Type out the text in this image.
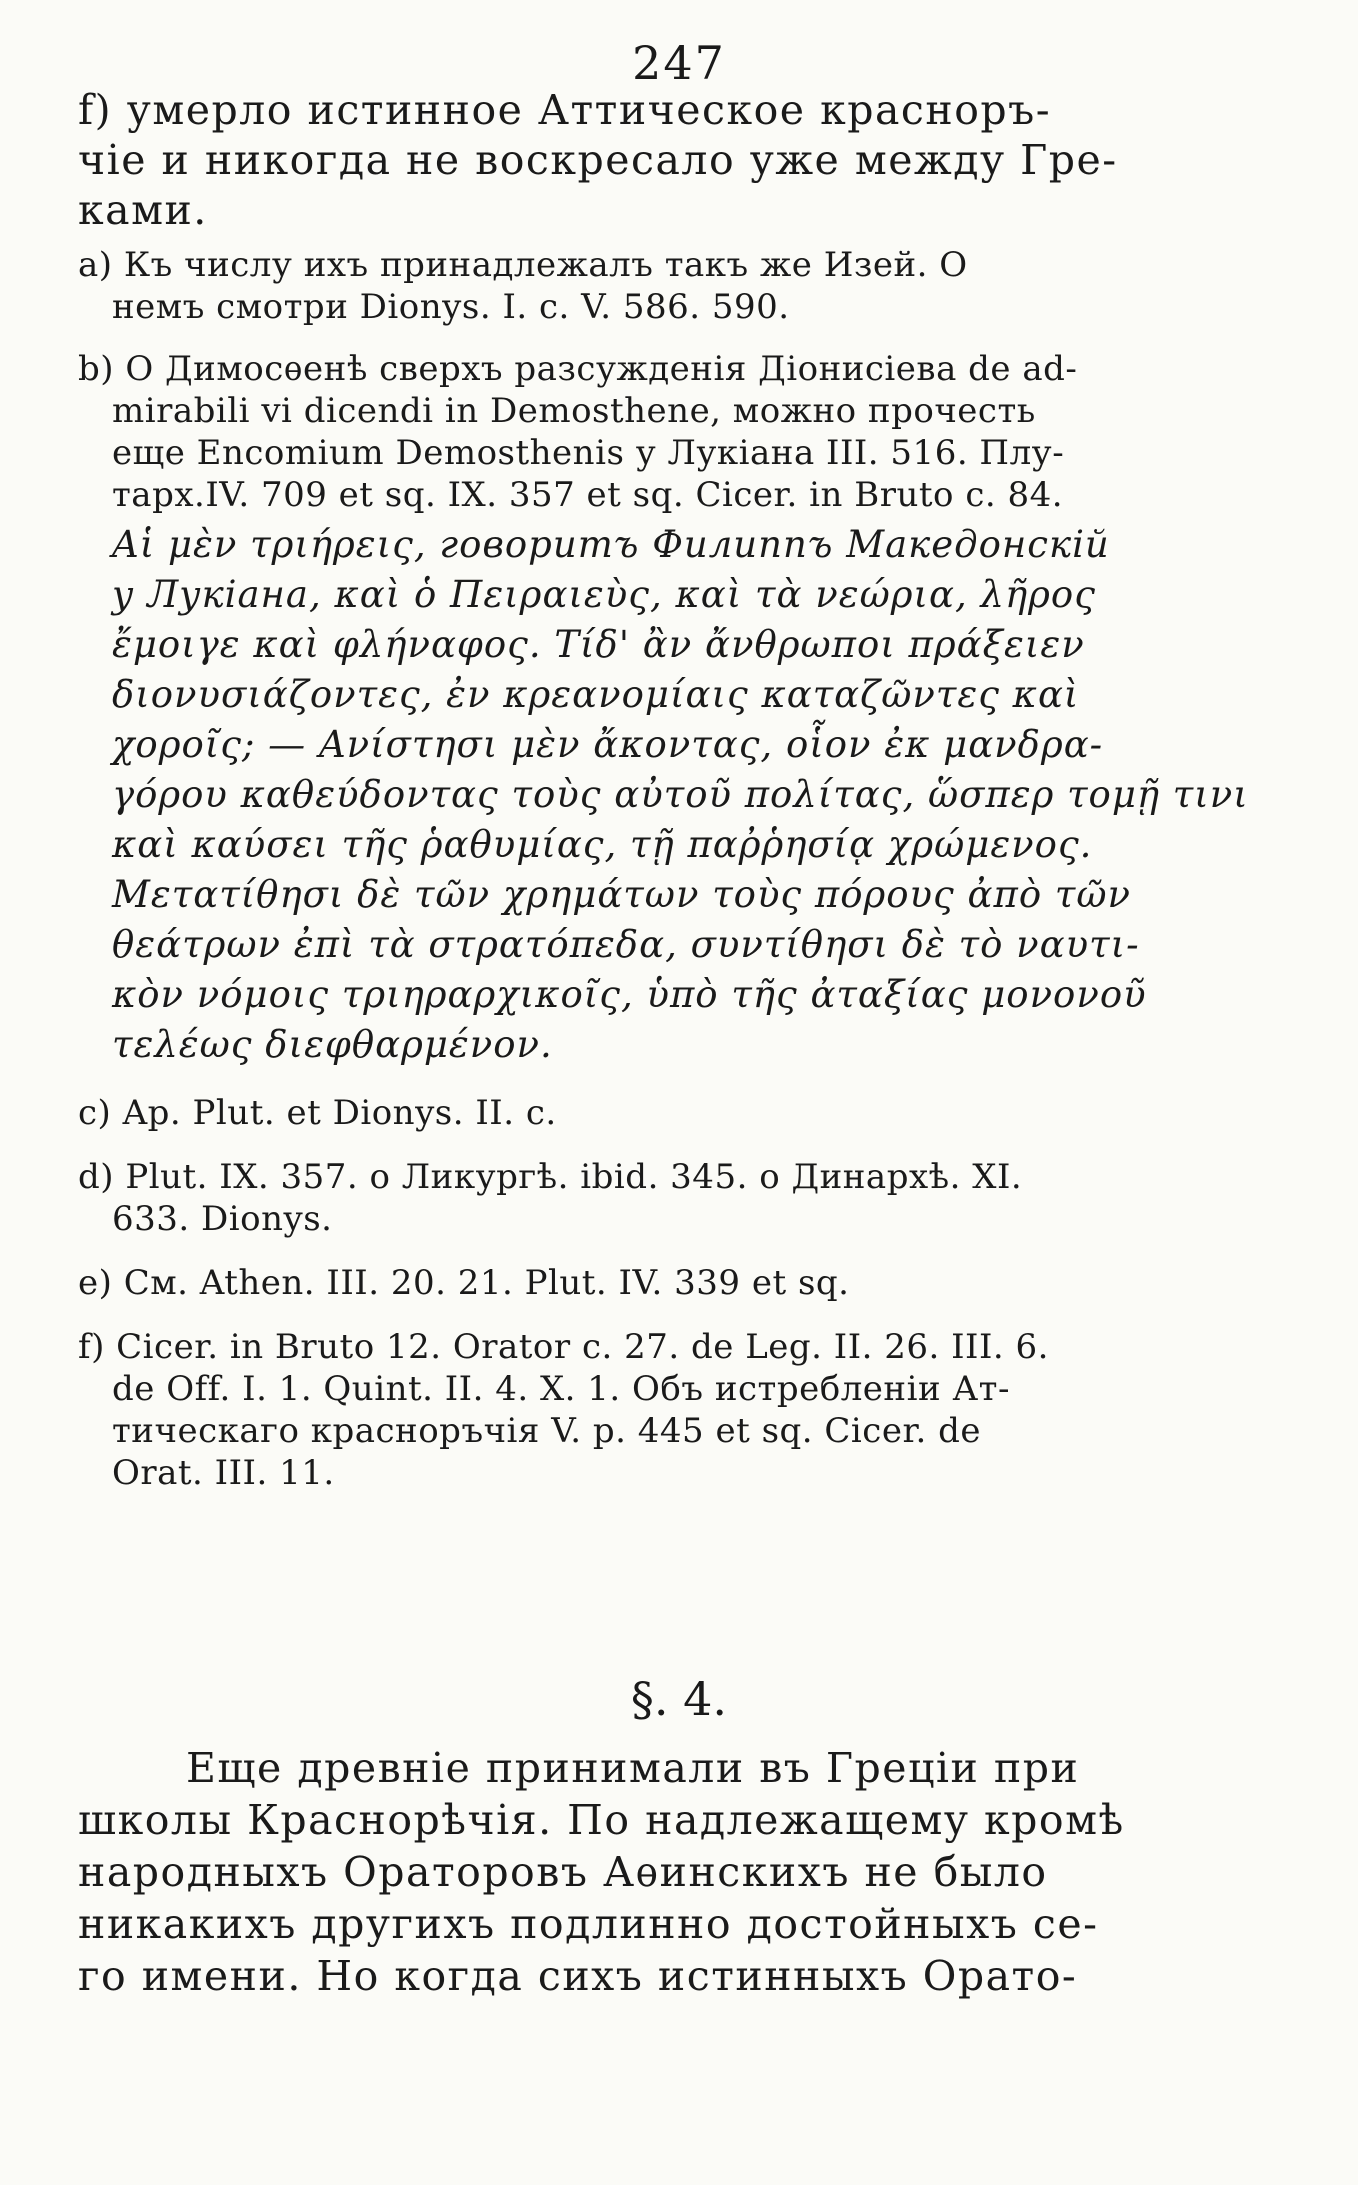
247
f) умерло истинное Аттическое красноръ-
чіе и никогда не воскресало уже между Гре-
ками.
a) Къ числу ихъ принадлежалъ такъ же Изей. О
немъ смотри Dionys. I. c. V. 586. 590.
b) О Димосѳенѣ сверхъ разсужденія Діонисіева de ad-
mirabili vi dicendi in Demosthene, можно прочесть
еще Encomium Demosthenis у Лукіана III. 516. Плу-
тарх.IV. 709 et sq. IX. 357 et sq. Cicer. in Bruto c. 84.
Αἱ μὲν τριήρεις, говоритъ Филиппъ Македонскій
у Лукіана, καὶ ὁ Πειραιεὺς, καὶ τὰ νεώρια, λῆρος
ἔμοιγε καὶ φλήναφος. Τίδ' ἂν ἄνθρωποι πράξειεν
διονυσιάζοντες, ἐν κρεανομίαις καταζῶντες καὶ
χοροῖς; — Ανίστησι μὲν ἄκοντας, οἷον ἐκ μανδρα-
γόρου καθεύδοντας τοὺς αὐτοῦ πολίτας, ὥσπερ τομῇ τινι
καὶ καύσει τῆς ῥαθυμίας, τῇ παῤῥησίᾳ χρώμενος.
Μετατίθησι δὲ τῶν χρημάτων τοὺς πόρους ἀπὸ τῶν
θεάτρων ἐπὶ τὰ στρατόπεδα, συντίθησι δὲ τὸ ναυτι-
κὸν νόμοις τριηραρχικοῖς, ὑπὸ τῆς ἀταξίας μονονοῦ
τελέως διεφθαρμένον.
c) Ap. Plut. et Dionys. II. c.
d) Plut. IX. 357. о Ликургѣ. ibid. 345. о Динархѣ. XI.
633. Dionys.
e) См. Athen. III. 20. 21. Plut. IV. 339 et sq.
f) Cicer. in Bruto 12. Orator c. 27. de Leg. II. 26. III. 6.
de Off. I. 1. Quint. II. 4. X. 1. Объ истребленіи Ат-
тическаго красноръчія V. p. 445 et sq. Cicer. de
Orat. III. 11.
§. 4.
Еще древніе принимали въ Греціи при
школы Краснорѣчія. По надлежащему кромѣ
народныхъ Ораторовъ Аѳинскихъ не было
никакихъ другихъ подлинно достойныхъ се-
го имени. Но когда сихъ истинныхъ Орато-
